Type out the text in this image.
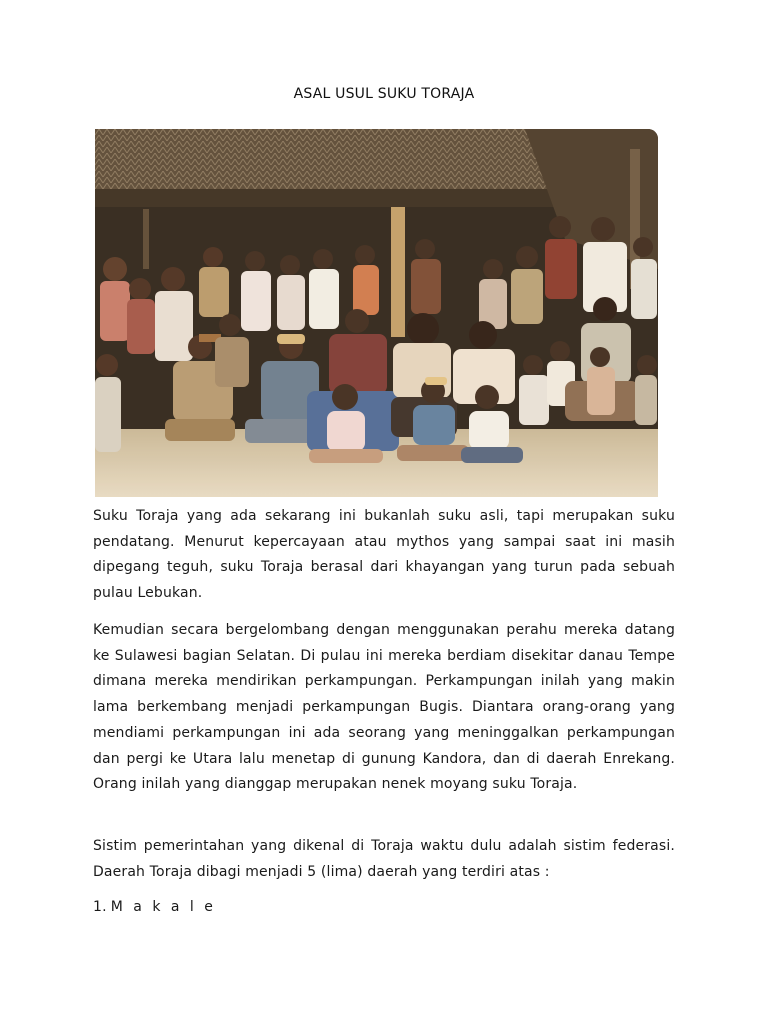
ASAL USUL SUKU TORAJA

Suku Toraja yang ada sekarang ini bukanlah suku asli, tapi merupakan suku pendatang. Menurut kepercayaan atau mythos yang sampai saat ini masih dipegang teguh, suku Toraja berasal dari khayangan yang turun pada sebuah pulau Lebukan.

Kemudian secara bergelombang dengan menggunakan perahu mereka datang ke Sulawesi bagian Selatan. Di pulau ini mereka berdiam disekitar danau Tempe dimana mereka mendirikan perkampungan. Perkampungan inilah yang makin lama berkembang menjadi perkampungan Bugis. Diantara orang-orang yang mendiami perkampungan ini ada seorang yang meninggalkan perkampungan dan pergi ke Utara lalu menetap di gunung Kandora, dan di daerah Enrekang. Orang inilah yang dianggap merupakan nenek moyang suku Toraja.

Sistim pemerintahan yang dikenal di Toraja waktu dulu adalah sistim federasi. Daerah Toraja dibagi menjadi 5 (lima) daerah yang terdiri atas :

1. M a k a l e
